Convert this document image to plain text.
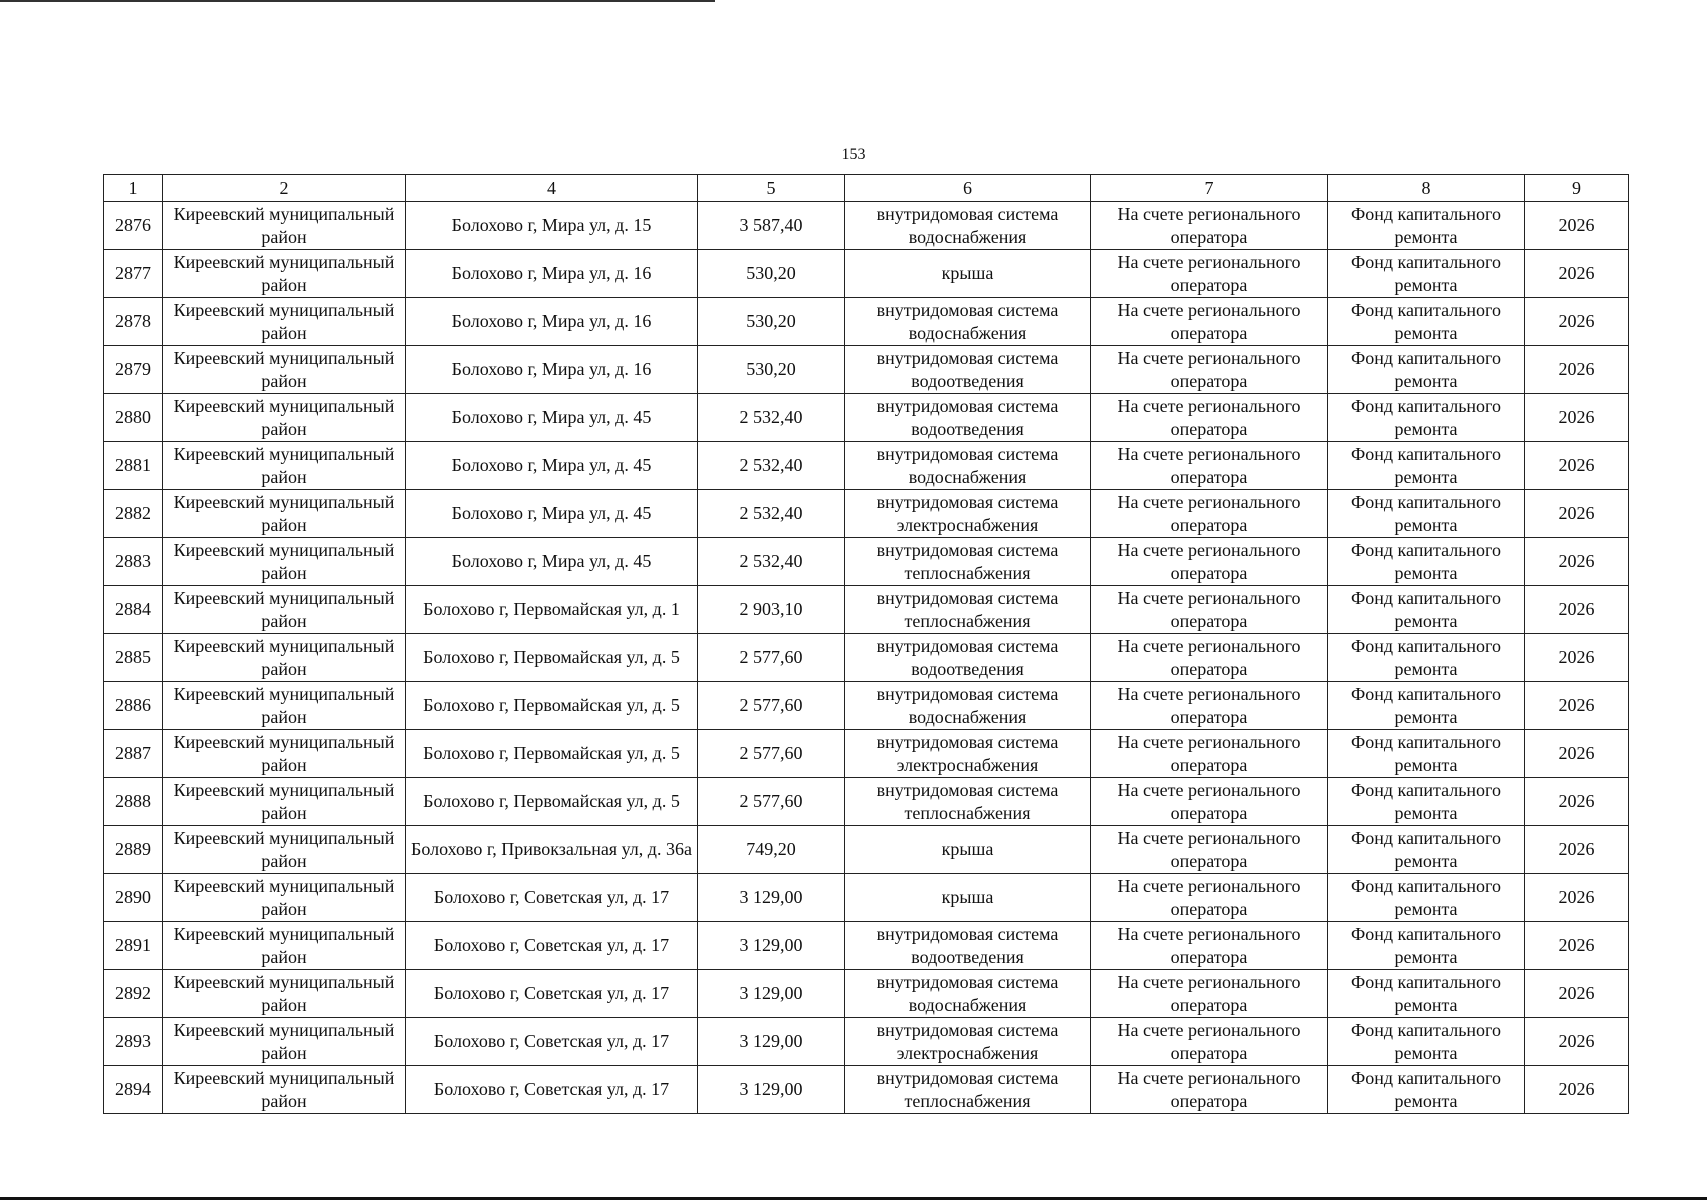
153
1	2	4	5	6	7	8	9
2876	Киреевский муниципальный район	Болохово г, Мира ул, д. 15	3 587,40	внутридомовая система водоснабжения	На счете регионального оператора	Фонд капитального ремонта	2026
2877	Киреевский муниципальный район	Болохово г, Мира ул, д. 16	530,20	крыша	На счете регионального оператора	Фонд капитального ремонта	2026
2878	Киреевский муниципальный район	Болохово г, Мира ул, д. 16	530,20	внутридомовая система водоснабжения	На счете регионального оператора	Фонд капитального ремонта	2026
2879	Киреевский муниципальный район	Болохово г, Мира ул, д. 16	530,20	внутридомовая система водоотведения	На счете регионального оператора	Фонд капитального ремонта	2026
2880	Киреевский муниципальный район	Болохово г, Мира ул, д. 45	2 532,40	внутридомовая система водоотведения	На счете регионального оператора	Фонд капитального ремонта	2026
2881	Киреевский муниципальный район	Болохово г, Мира ул, д. 45	2 532,40	внутридомовая система водоснабжения	На счете регионального оператора	Фонд капитального ремонта	2026
2882	Киреевский муниципальный район	Болохово г, Мира ул, д. 45	2 532,40	внутридомовая система электроснабжения	На счете регионального оператора	Фонд капитального ремонта	2026
2883	Киреевский муниципальный район	Болохово г, Мира ул, д. 45	2 532,40	внутридомовая система теплоснабжения	На счете регионального оператора	Фонд капитального ремонта	2026
2884	Киреевский муниципальный район	Болохово г, Первомайская ул, д. 1	2 903,10	внутридомовая система теплоснабжения	На счете регионального оператора	Фонд капитального ремонта	2026
2885	Киреевский муниципальный район	Болохово г, Первомайская ул, д. 5	2 577,60	внутридомовая система водоотведения	На счете регионального оператора	Фонд капитального ремонта	2026
2886	Киреевский муниципальный район	Болохово г, Первомайская ул, д. 5	2 577,60	внутридомовая система водоснабжения	На счете регионального оператора	Фонд капитального ремонта	2026
2887	Киреевский муниципальный район	Болохово г, Первомайская ул, д. 5	2 577,60	внутридомовая система электроснабжения	На счете регионального оператора	Фонд капитального ремонта	2026
2888	Киреевский муниципальный район	Болохово г, Первомайская ул, д. 5	2 577,60	внутридомовая система теплоснабжения	На счете регионального оператора	Фонд капитального ремонта	2026
2889	Киреевский муниципальный район	Болохово г, Привокзальная ул, д. 36а	749,20	крыша	На счете регионального оператора	Фонд капитального ремонта	2026
2890	Киреевский муниципальный район	Болохово г, Советская ул, д. 17	3 129,00	крыша	На счете регионального оператора	Фонд капитального ремонта	2026
2891	Киреевский муниципальный район	Болохово г, Советская ул, д. 17	3 129,00	внутридомовая система водоотведения	На счете регионального оператора	Фонд капитального ремонта	2026
2892	Киреевский муниципальный район	Болохово г, Советская ул, д. 17	3 129,00	внутридомовая система водоснабжения	На счете регионального оператора	Фонд капитального ремонта	2026
2893	Киреевский муниципальный район	Болохово г, Советская ул, д. 17	3 129,00	внутридомовая система электроснабжения	На счете регионального оператора	Фонд капитального ремонта	2026
2894	Киреевский муниципальный район	Болохово г, Советская ул, д. 17	3 129,00	внутридомовая система теплоснабжения	На счете регионального оператора	Фонд капитального ремонта	2026
